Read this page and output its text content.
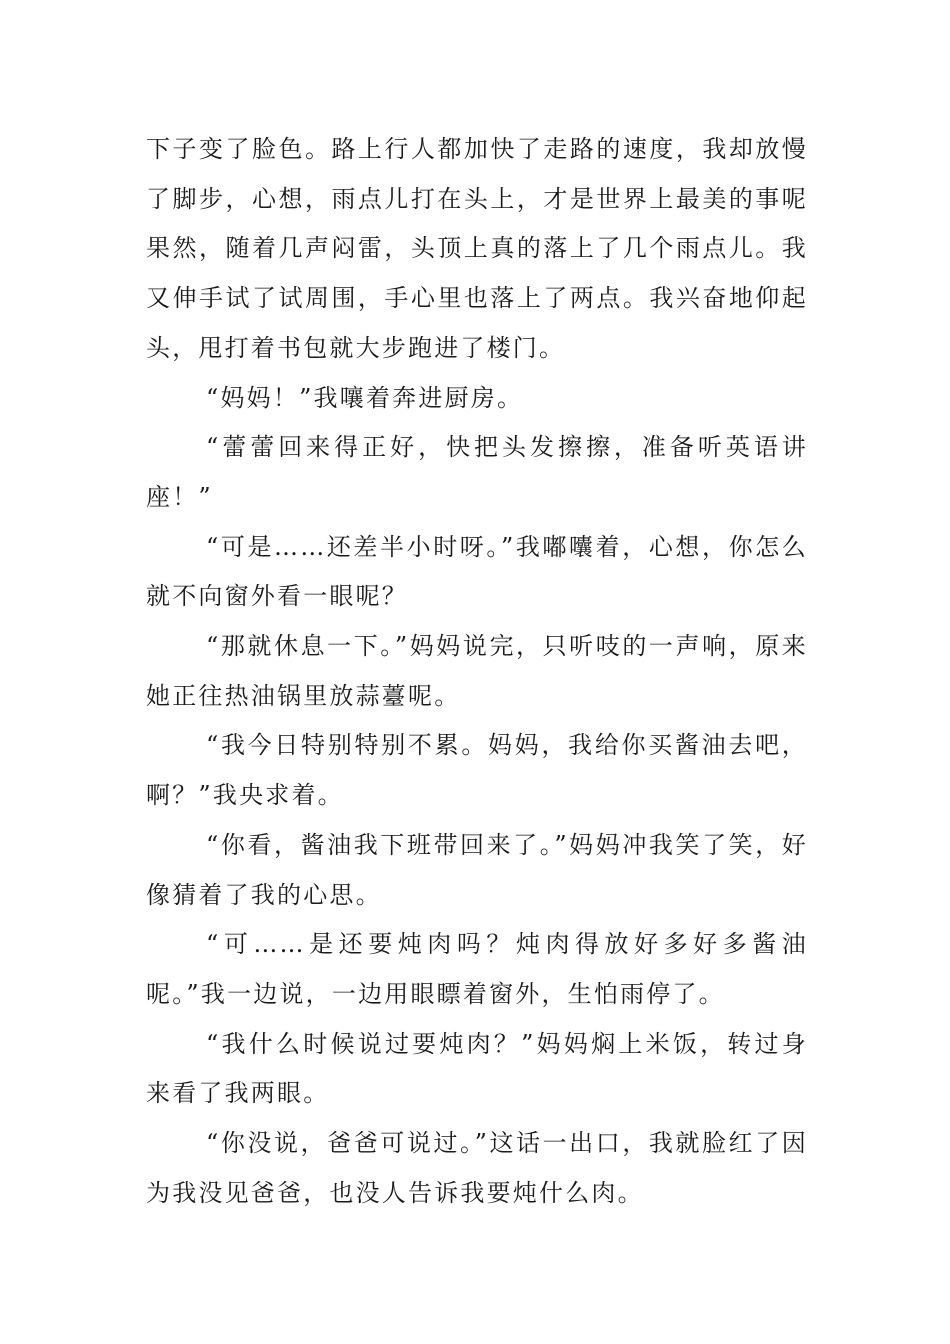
下子变了脸色。路上行人都加快了走路的速度，我却放慢了脚步，心想，雨点儿打在头上，才是世界上最美的事呢果然，随着几声闷雷，头顶上真的落上了几个雨点儿。我又伸手试了试周围，手心里也落上了两点。我兴奋地仰起头，甩打着书包就大步跑进了楼门。

“妈妈！”我嚷着奔进厨房。

“蕾蕾回来得正好，快把头发擦擦，准备听英语讲座！”

“可是……还差半小时呀。”我嘟囔着，心想，你怎么就不向窗外看一眼呢？

“那就休息一下。”妈妈说完，只听吱的一声响，原来她正往热油锅里放蒜薹呢。

“我今日特别特别不累。妈妈，我给你买酱油去吧，啊？”我央求着。

“你看，酱油我下班带回来了。”妈妈冲我笑了笑，好像猜着了我的心思。

“可……是还要炖肉吗？炖肉得放好多好多酱油呢。”我一边说，一边用眼瞟着窗外，生怕雨停了。

“我什么时候说过要炖肉？”妈妈焖上米饭，转过身来看了我两眼。

“你没说，爸爸可说过。”这话一出口，我就脸红了因为我没见爸爸，也没人告诉我要炖什么肉。
